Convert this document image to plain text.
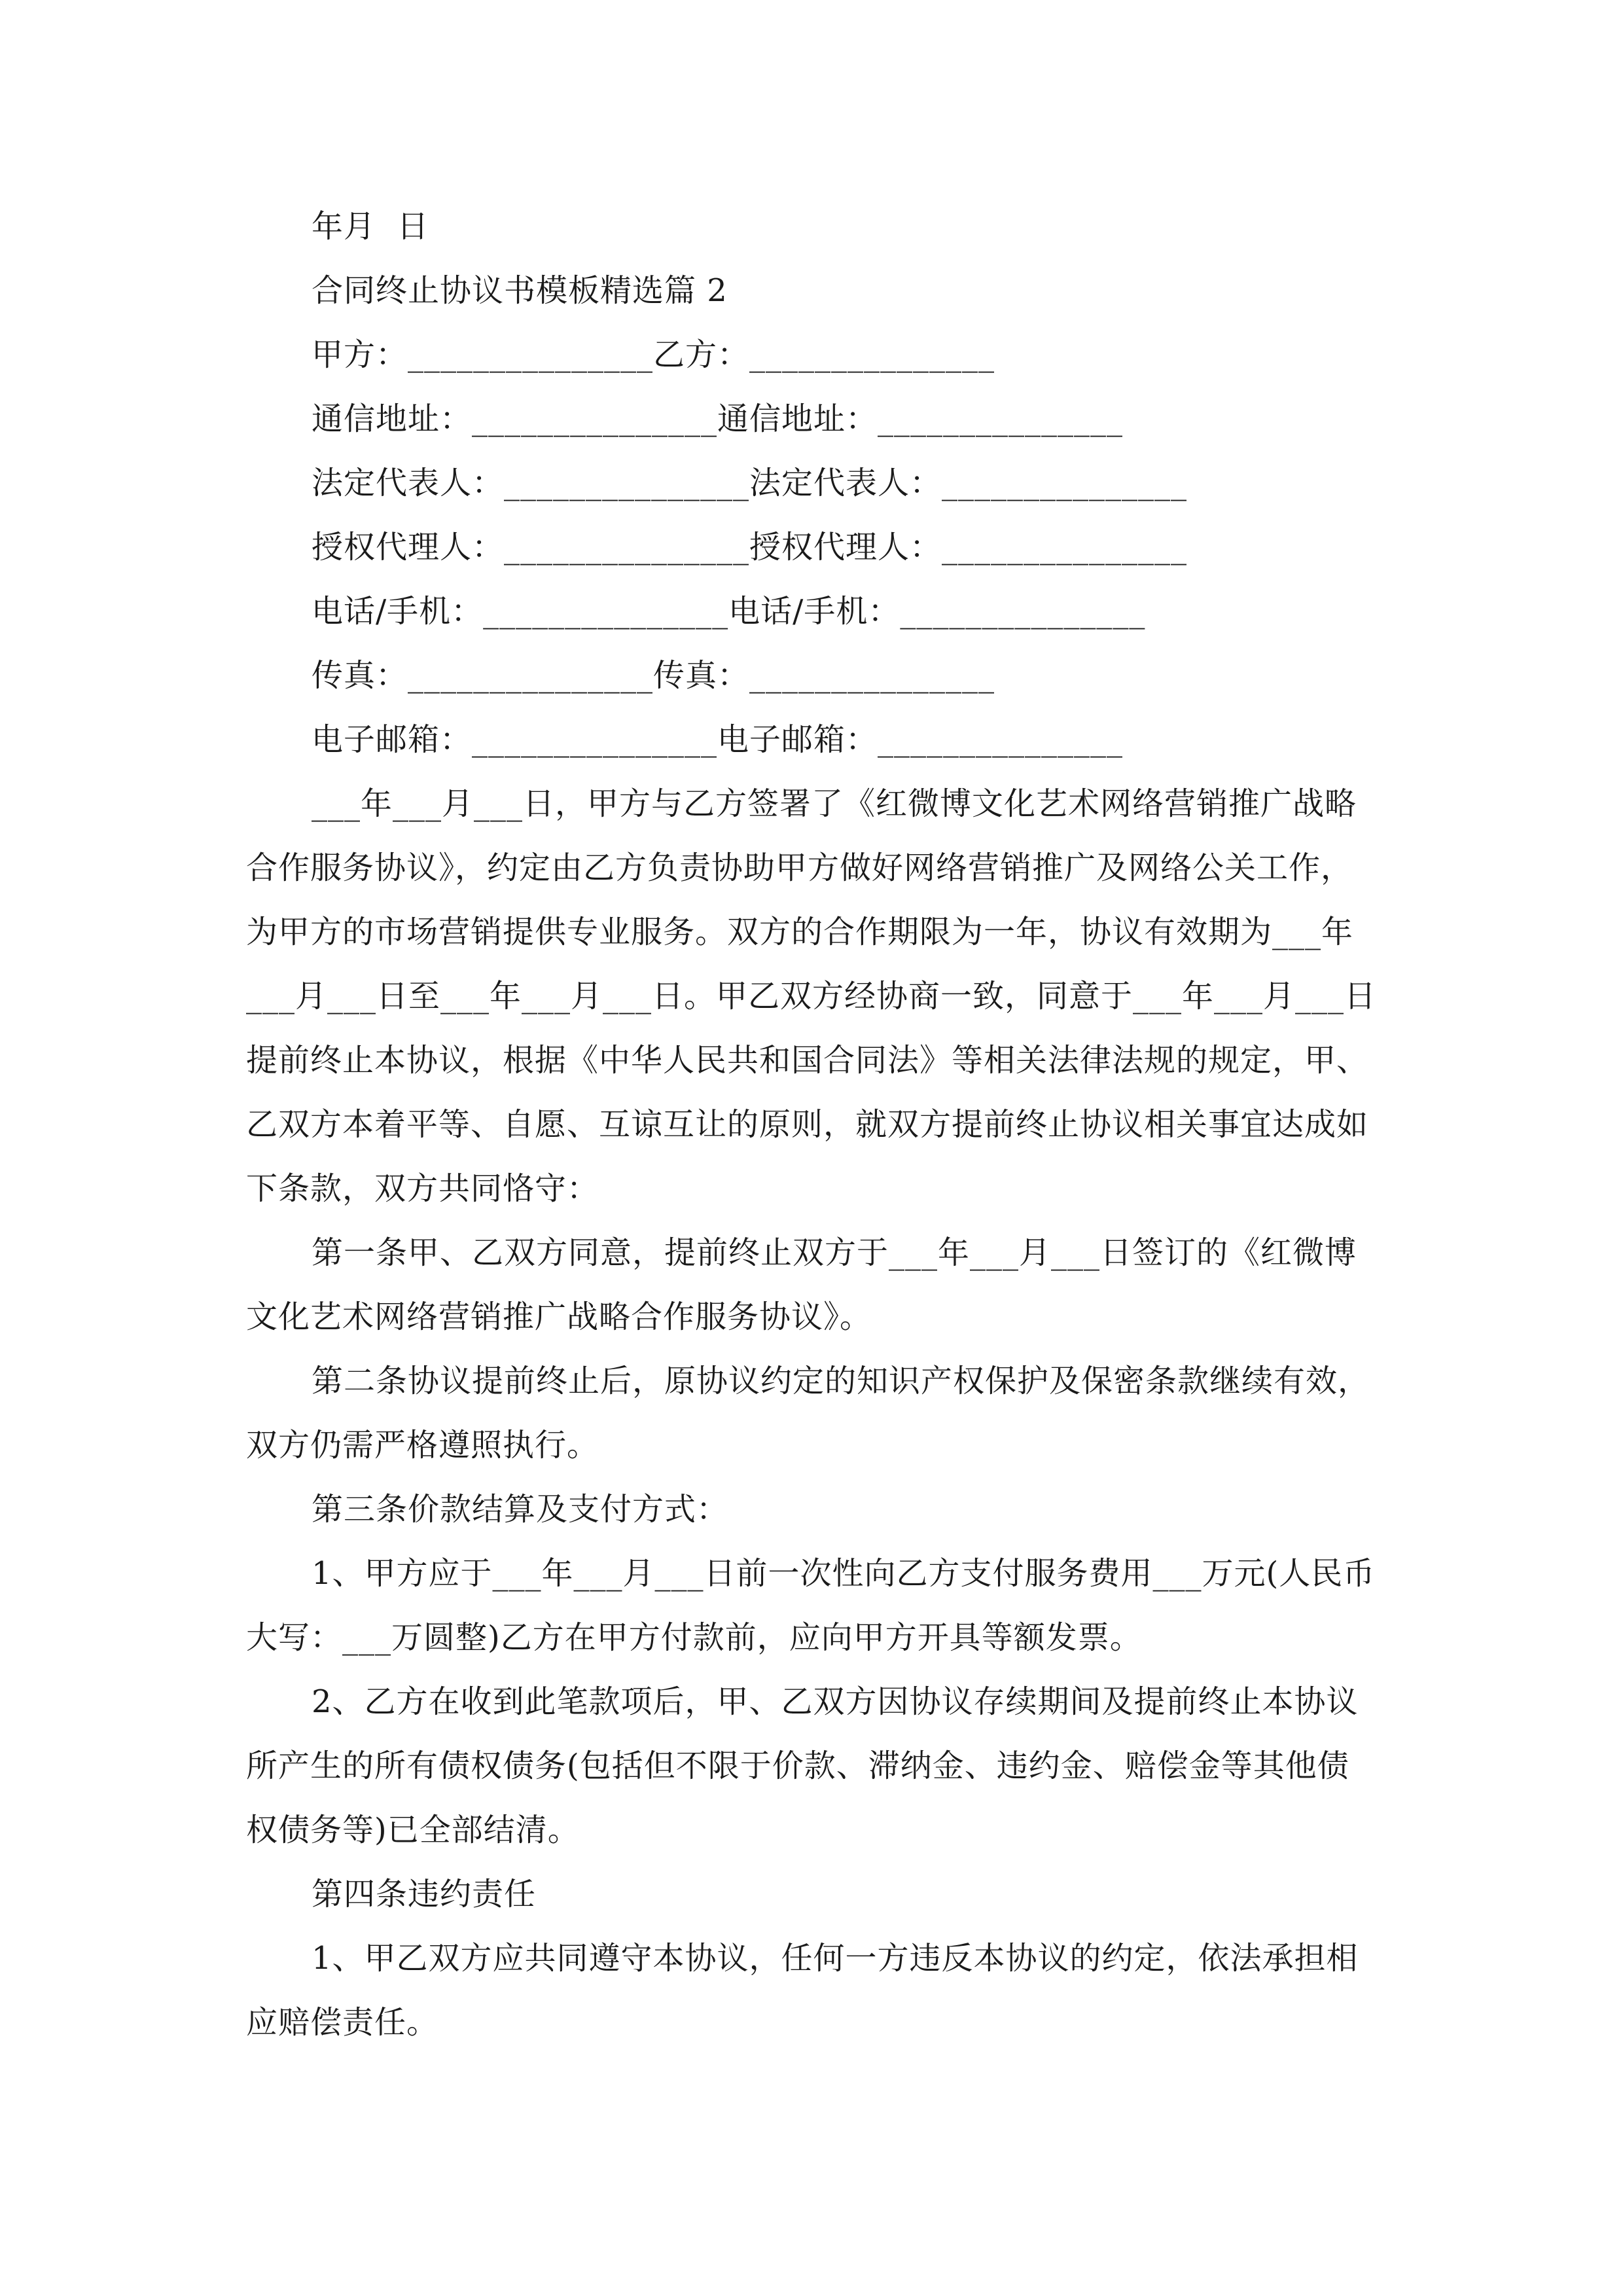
年月  日
合同终止协议书模板精选篇 2
甲方：_______________乙方：_______________
通信地址：_______________通信地址：_______________
法定代表人：_______________法定代表人：_______________
授权代理人：_______________授权代理人：_______________
电话/手机：_______________电话/手机：_______________
传真：_______________传真：_______________
电子邮箱：_______________电子邮箱：_______________
___年___月___日，甲方与乙方签署了《红微博文化艺术网络营销推广战略
合作服务协议》，约定由乙方负责协助甲方做好网络营销推广及网络公关工作，
为甲方的市场营销提供专业服务。双方的合作期限为一年，协议有效期为___年
___月___日至___年___月___日。甲乙双方经协商一致，同意于___年___月___日
提前终止本协议，根据《中华人民共和国合同法》等相关法律法规的规定，甲、
乙双方本着平等、自愿、互谅互让的原则，就双方提前终止协议相关事宜达成如
下条款，双方共同恪守：
第一条甲、乙双方同意，提前终止双方于___年___月___日签订的《红微博
文化艺术网络营销推广战略合作服务协议》。
第二条协议提前终止后，原协议约定的知识产权保护及保密条款继续有效，
双方仍需严格遵照执行。
第三条价款结算及支付方式：
1、甲方应于___年___月___日前一次性向乙方支付服务费用___万元(人民币
大写：___万圆整)乙方在甲方付款前，应向甲方开具等额发票。
2、乙方在收到此笔款项后，甲、乙双方因协议存续期间及提前终止本协议
所产生的所有债权债务(包括但不限于价款、滞纳金、违约金、赔偿金等其他债
权债务等)已全部结清。
第四条违约责任
1、甲乙双方应共同遵守本协议，任何一方违反本协议的约定，依法承担相
应赔偿责任。
